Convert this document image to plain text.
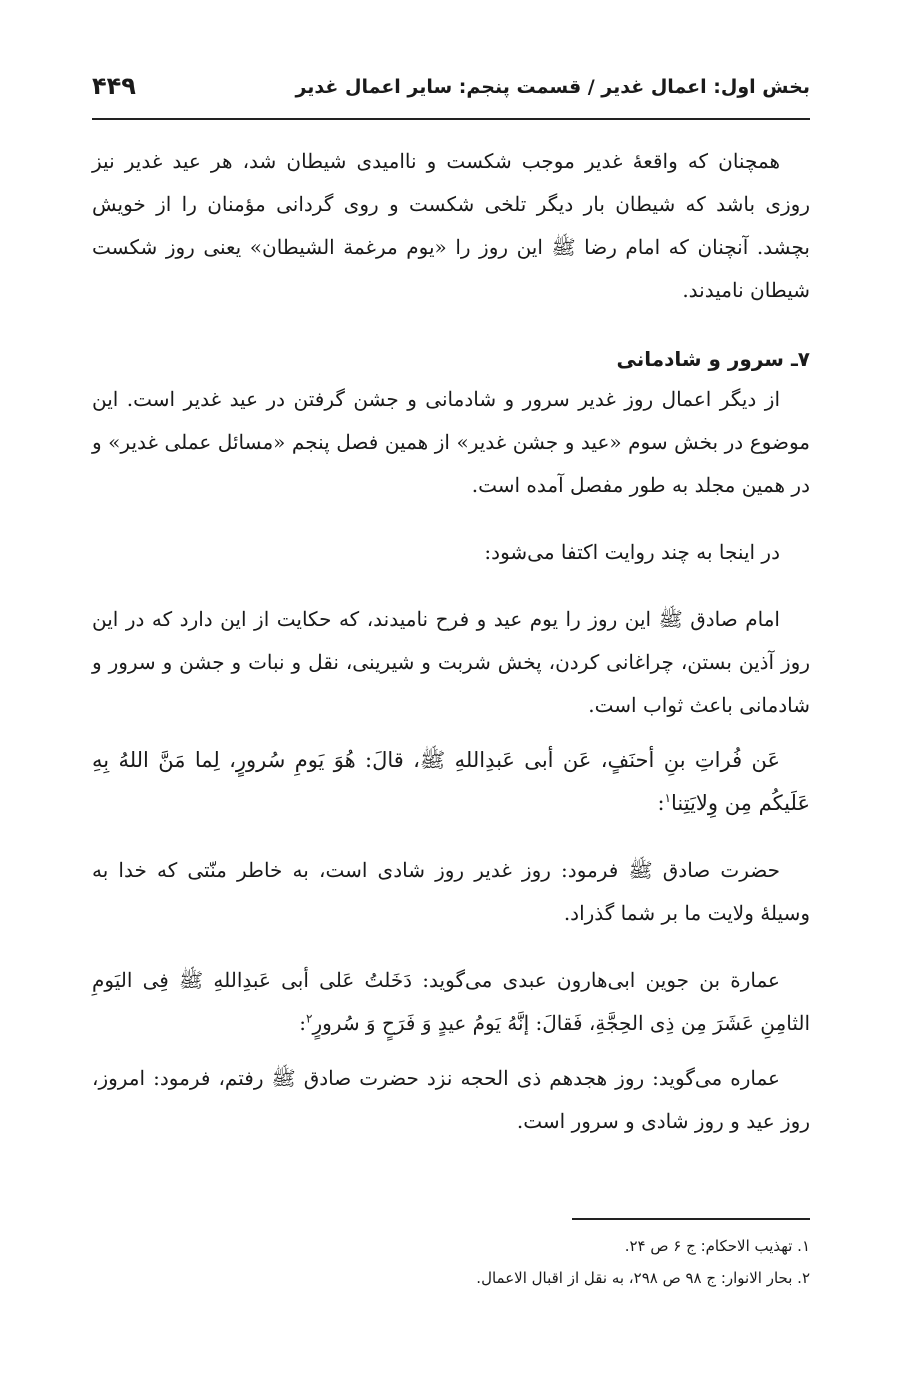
بخش اول: اعمال غدیر / قسمت پنجم: سایر اعمال غدیر
۴۴۹

همچنان که واقعۀ غدیر موجب شکست و ناامیدی شیطان شد، هر عید غدیر نیز روزی باشد که شیطان بار دیگر تلخی شکست و روی گردانی مؤمنان را از خویش بچشد. آنچنان که امام رضا ﷺ این روز را «یوم مرغمة الشیطان» یعنی روز شکست شیطان نامیدند.

۷ـ سرور و شادمانی

از دیگر اعمال روز غدیر سرور و شادمانی و جشن گرفتن در عید غدیر است. این موضوع در بخش سوم «عید و جشن غدیر» از همین فصل پنجم «مسائل عملی غدیر» و در همین مجلد به طور مفصل آمده است.

در اینجا به چند روایت اکتفا می‌شود:

امام صادق ﷺ این روز را یوم عید و فرح نامیدند، که حکایت از این دارد که در این روز آذین بستن، چراغانی کردن، پخش شربت و شیرینی، نقل و نبات و جشن و سرور و شادمانی باعث ثواب است.

عَن فُراتِ بنِ أحنَفٍ، عَن أبی عَبدِاللهِ ﷺ، قالَ: هُوَ یَومِ سُرورٍ، لِما مَنَّ اللهُ بِهِ عَلَیکُم مِن وِلایَتِنا$^١$:

حضرت صادق ﷺ فرمود: روز غدیر روز شادی است، به خاطر منّتی که خدا به وسیلۀ ولایت ما بر شما گذراد.

عمارة بن جوین ابی‌هارون عبدی می‌گوید: دَخَلتُ عَلی أبی عَبدِاللهِ ﷺ فِی الیَومِ الثامِنِ عَشَرَ مِن ذِی الحِجَّةِ، فَقالَ: إنَّهُ یَومُ عیدٍ وَ فَرَحٍ وَ سُرورٍ$^٢$:

عماره می‌گوید: روز هجدهم ذی الحجه نزد حضرت صادق ﷺ رفتم، فرمود: امروز، روز عید و روز شادی و سرور است.

١. تهذیب الاحکام: ج ۶ ص ٢۴.
٢. بحار الانوار: ج ٩٨ ص ٢٩٨، به نقل از اقبال الاعمال.
